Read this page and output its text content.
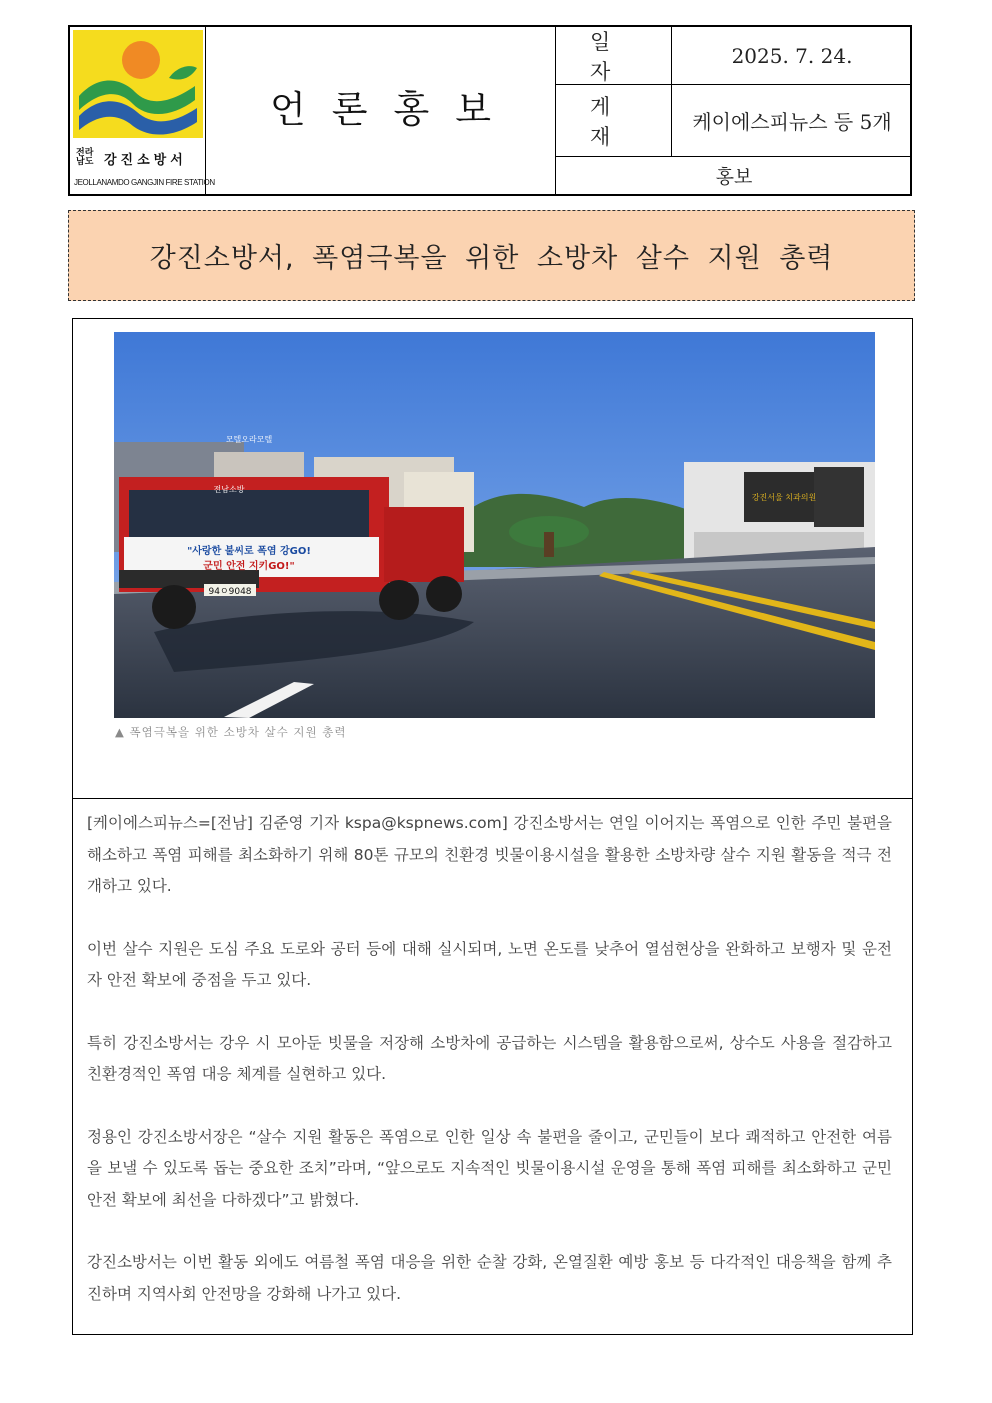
전라남도 강진소방서
JEOLLANAMDO GANGJIN FIRE STATION
언론홍보
일자
2025. 7. 24.
게재
케이에스피뉴스 등 5개
홍보
강진소방서, 폭염극복을 위한 소방차 살수 지원 총력
"사랑한 불씨로 폭염 강GO!
군민 안전 지키GO!"
전남소방
94ㅇ9048
모텔오라모텔
강진서울 치과의원
▲ 폭염극복을 위한 소방차 살수 지원 총력

[케이에스피뉴스=[전남] 김준영 기자 kspa@kspnews.com] 강진소방서는 연일 이어지는 폭염으로 인한 주민 불편을 해소하고 폭염 피해를 최소화하기 위해 80톤 규모의 친환경 빗물이용시설을 활용한 소방차량 살수 지원 활동을 적극 전개하고 있다.

이번 살수 지원은 도심 주요 도로와 공터 등에 대해 실시되며, 노면 온도를 낮추어 열섬현상을 완화하고 보행자 및 운전자 안전 확보에 중점을 두고 있다.

특히 강진소방서는 강우 시 모아둔 빗물을 저장해 소방차에 공급하는 시스템을 활용함으로써, 상수도 사용을 절감하고 친환경적인 폭염 대응 체계를 실현하고 있다.

정용인 강진소방서장은 “살수 지원 활동은 폭염으로 인한 일상 속 불편을 줄이고, 군민들이 보다 쾌적하고 안전한 여름을 보낼 수 있도록 돕는 중요한 조치”라며, “앞으로도 지속적인 빗물이용시설 운영을 통해 폭염 피해를 최소화하고 군민 안전 확보에 최선을 다하겠다”고 밝혔다.

강진소방서는 이번 활동 외에도 여름철 폭염 대응을 위한 순찰 강화, 온열질환 예방 홍보 등 다각적인 대응책을 함께 추진하며 지역사회 안전망을 강화해 나가고 있다.
